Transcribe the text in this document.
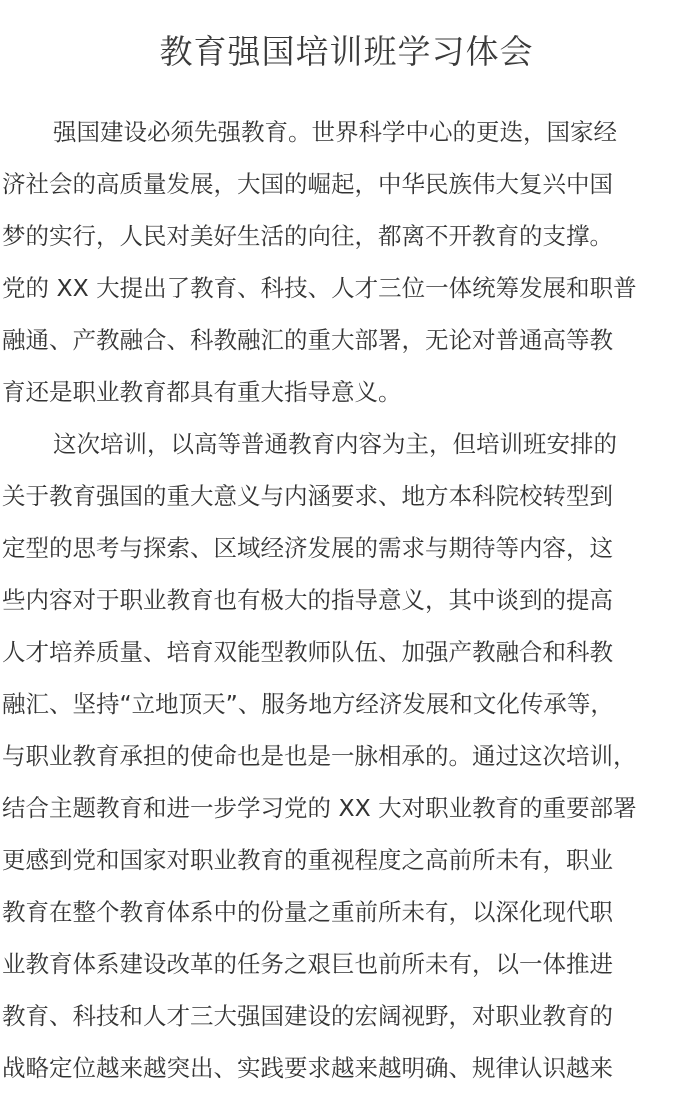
教育强国培训班学习体会
强国建设必须先强教育。世界科学中心的更迭，国家经
济社会的高质量发展，大国的崛起，中华民族伟大复兴中国
梦的实行，人民对美好生活的向往，都离不开教育的支撑。
党的 XX 大提出了教育、科技、人才三位一体统筹发展和职普
融通、产教融合、科教融汇的重大部署，无论对普通高等教
育还是职业教育都具有重大指导意义。
这次培训，以高等普通教育内容为主，但培训班安排的
关于教育强国的重大意义与内涵要求、地方本科院校转型到
定型的思考与探索、区域经济发展的需求与期待等内容，这
些内容对于职业教育也有极大的指导意义，其中谈到的提高
人才培养质量、培育双能型教师队伍、加强产教融合和科教
融汇、坚持“立地顶天”、服务地方经济发展和文化传承等，
与职业教育承担的使命也是也是一脉相承的。通过这次培训，
结合主题教育和进一步学习党的 XX 大对职业教育的重要部署
更感到党和国家对职业教育的重视程度之高前所未有，职业
教育在整个教育体系中的份量之重前所未有，以深化现代职
业教育体系建设改革的任务之艰巨也前所未有，以一体推进
教育、科技和人才三大强国建设的宏阔视野，对职业教育的
战略定位越来越突出、实践要求越来越明确、规律认识越来
